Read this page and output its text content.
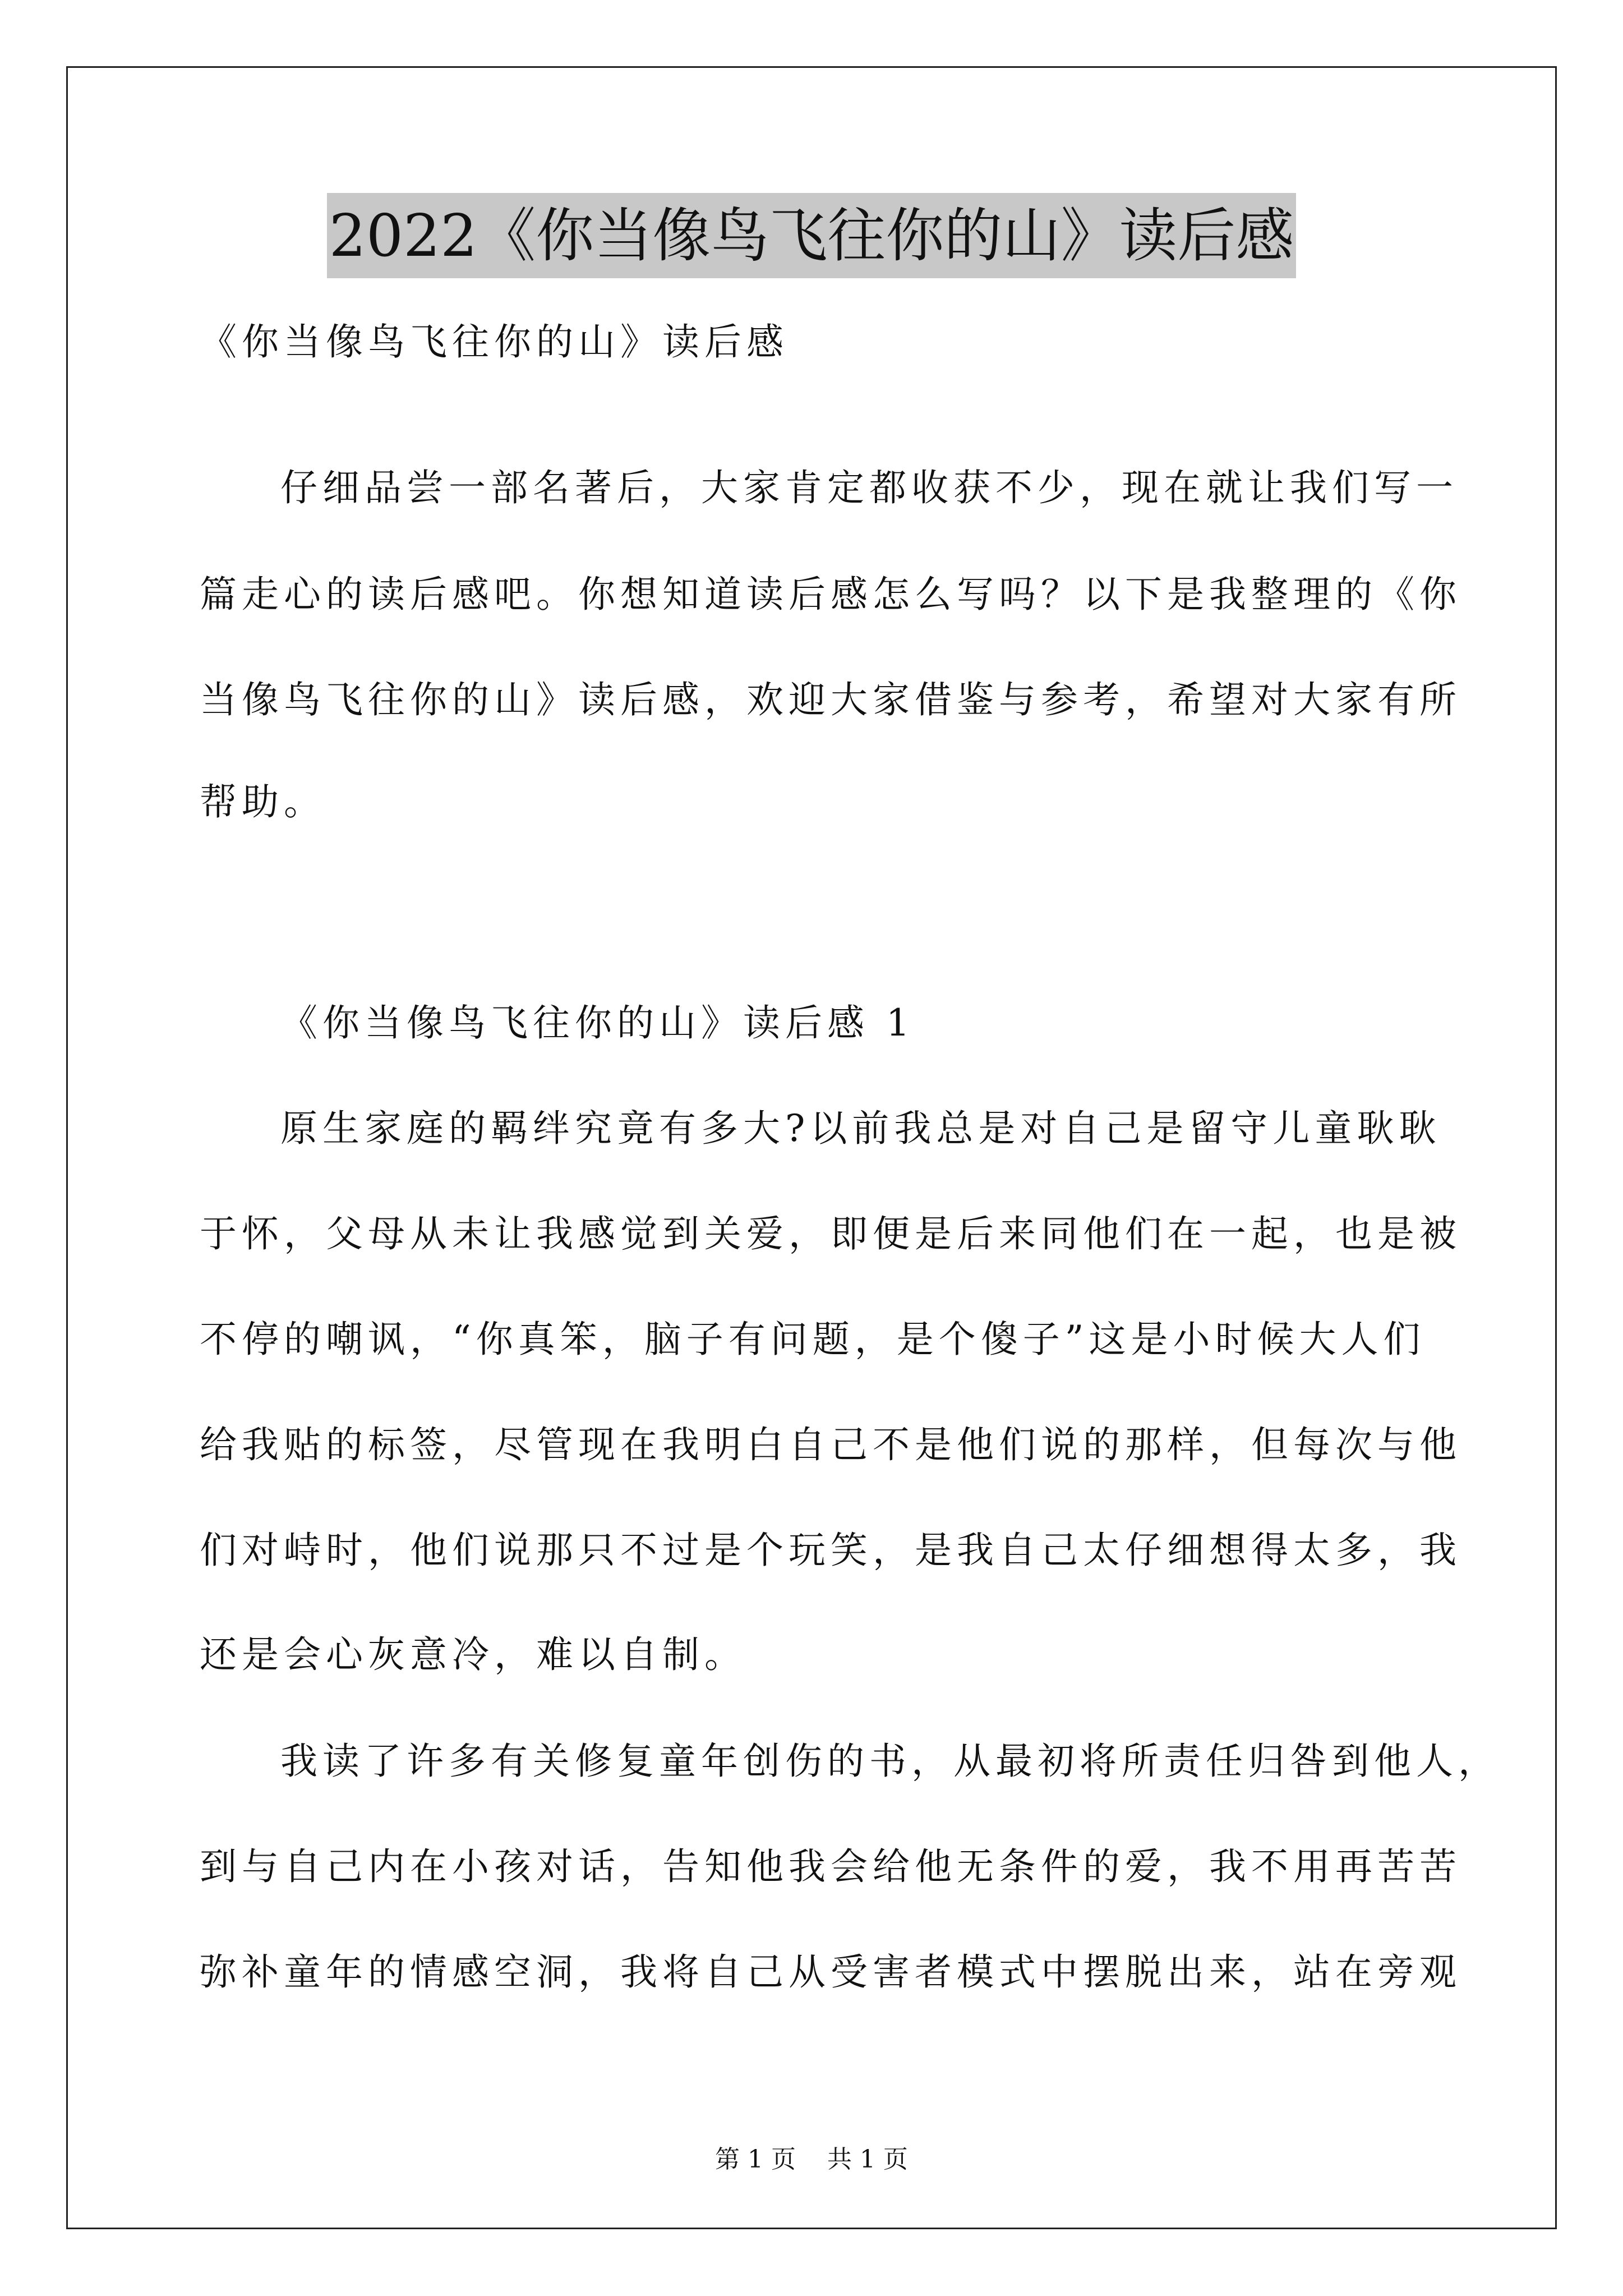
2022《你当像鸟飞往你的山》读后感
《你当像鸟飞往你的山》读后感
仔细品尝一部名著后，大家肯定都收获不少，现在就让我们写一
篇走心的读后感吧。你想知道读后感怎么写吗？以下是我整理的《你
当像鸟飞往你的山》读后感，欢迎大家借鉴与参考，希望对大家有所
帮助。
《你当像鸟飞往你的山》读后感 1
原生家庭的羁绊究竟有多大?以前我总是对自己是留守儿童耿耿
于怀，父母从未让我感觉到关爱，即便是后来同他们在一起，也是被
不停的嘲讽，“你真笨，脑子有问题，是个傻子”这是小时候大人们
给我贴的标签，尽管现在我明白自己不是他们说的那样，但每次与他
们对峙时，他们说那只不过是个玩笑，是我自己太仔细想得太多，我
还是会心灰意冷，难以自制。
我读了许多有关修复童年创伤的书，从最初将所责任归咎到他人，
到与自己内在小孩对话，告知他我会给他无条件的爱，我不用再苦苦
弥补童年的情感空洞，我将自己从受害者模式中摆脱出来，站在旁观
第 1 页    共 1 页
